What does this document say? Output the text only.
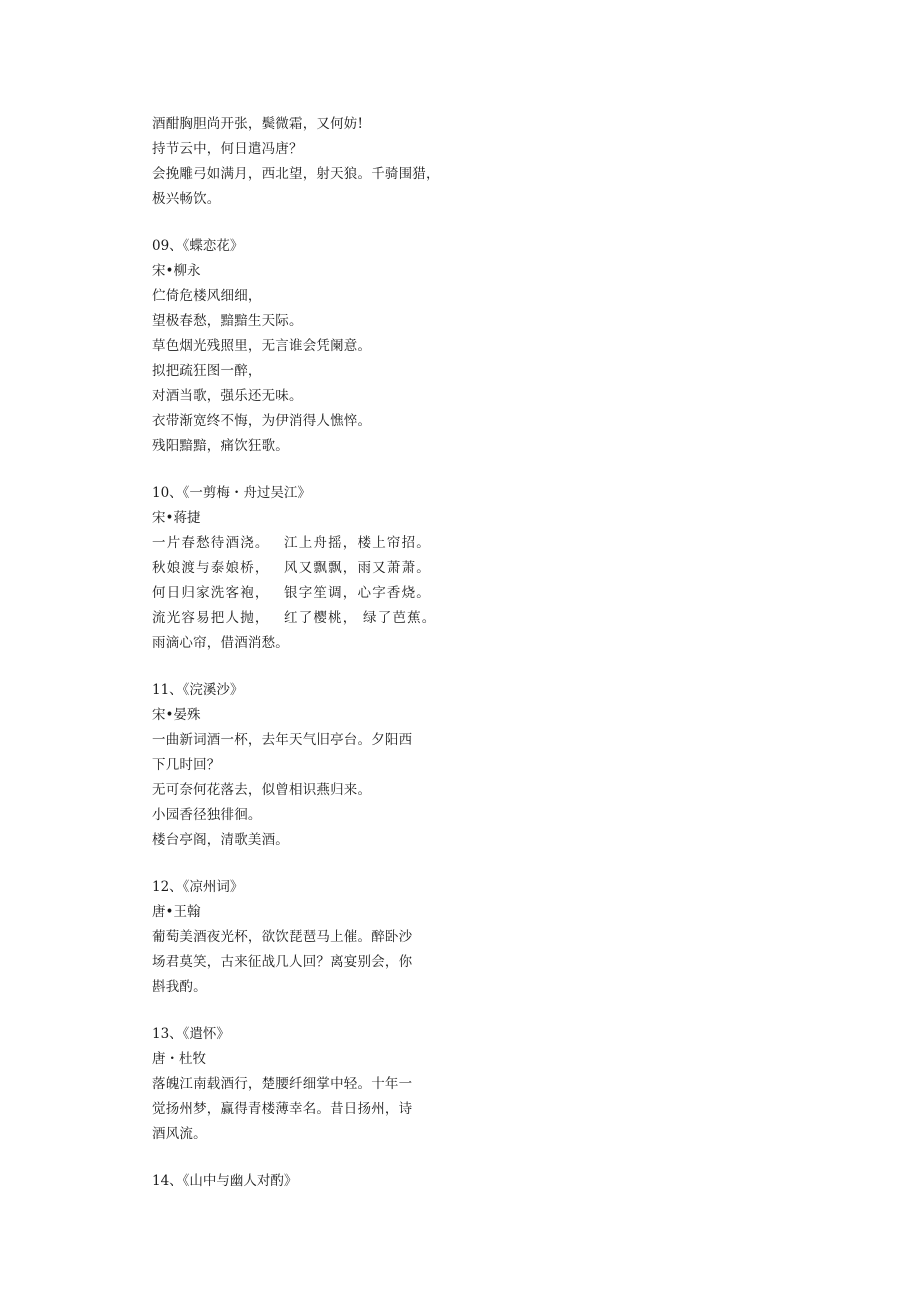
酒酣胸胆尚开张，鬓微霜，又何妨!
持节云中，何日遣冯唐？
会挽雕弓如满月，西北望，射天狼。千骑围猎，
极兴畅饮。
09、《蝶恋花》
宋•柳永
伫倚危楼风细细，
望极春愁，黯黯生天际。
草色烟光残照里，无言谁会凭阑意。
拟把疏狂图一醉，
对酒当歌，强乐还无味。
衣带渐宽终不悔，为伊消得人憔悴。
残阳黯黯，痛饮狂歌。
10、《一剪梅・舟过吴江》
宋•蒋捷
一片春愁待酒浇。
秋娘渡与泰娘桥，
何日归家洗客袍，
流光容易把人抛，
江上舟摇，楼上帘招。
风又飘飘，雨又萧萧。
银字笙调，心字香烧。
红了樱桃， 绿了芭蕉。
雨滴心帘，借酒消愁。
11、《浣溪沙》
宋•晏殊
一曲新词酒一杯，去年天气旧亭台。夕阳西
下几时回？
无可奈何花落去，似曾相识燕归来。
小园香径独徘徊。
楼台亭阁，清歌美酒。
12、《凉州词》
唐•王翰
葡萄美酒夜光杯，欲饮琵琶马上催。醉卧沙
场君莫笑，古来征战几人回？离宴别会，你
斟我酌。
13、《遣怀》
唐・杜牧
落魄江南载酒行，楚腰纤细掌中轻。十年一
觉扬州梦，赢得青楼薄幸名。昔日扬州，诗
酒风流。
14、《山中与幽人对酌》
